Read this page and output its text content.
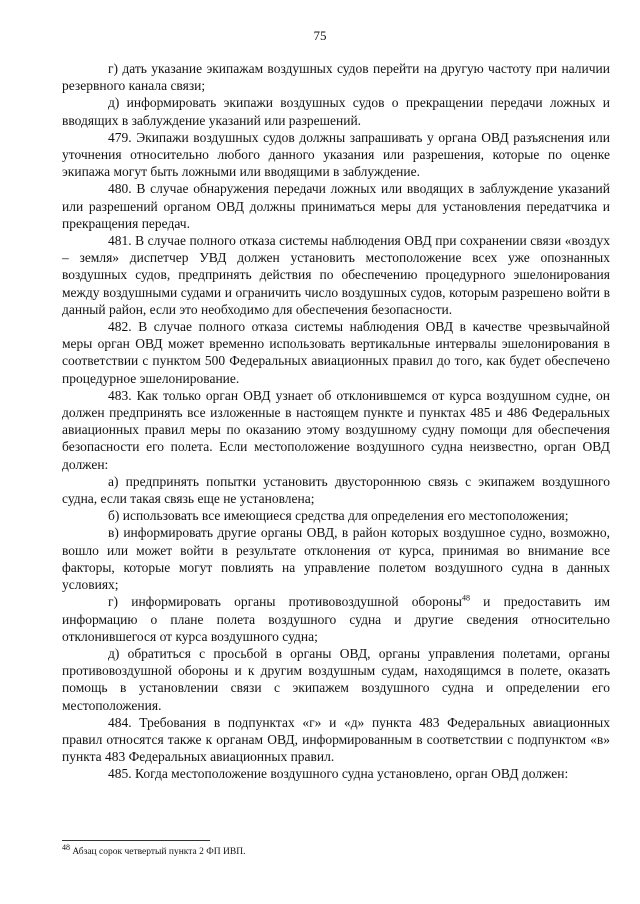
75

г) дать указание экипажам воздушных судов перейти на другую частоту при наличии резервного канала связи;

д) информировать экипажи воздушных судов о прекращении передачи ложных и вводящих в заблуждение указаний или разрешений.

479. Экипажи воздушных судов должны запрашивать у органа ОВД разъяснения или уточнения относительно любого данного указания или разрешения, которые по оценке экипажа могут быть ложными или вводящими в заблуждение.

480. В случае обнаружения передачи ложных или вводящих в заблуждение указаний или разрешений органом ОВД должны приниматься меры для установления передатчика и прекращения передач.

481. В случае полного отказа системы наблюдения ОВД при сохранении связи «воздух – земля» диспетчер УВД должен установить местоположение всех уже опознанных воздушных судов, предпринять действия по обеспечению процедурного эшелонирования между воздушными судами и ограничить число воздушных судов, которым разрешено войти в данный район, если это необходимо для обеспечения безопасности.

482. В случае полного отказа системы наблюдения ОВД в качестве чрезвычайной меры орган ОВД может временно использовать вертикальные интервалы эшелонирования в соответствии с пунктом 500 Федеральных авиационных правил до того, как будет обеспечено процедурное эшелонирование.

483. Как только орган ОВД узнает об отклонившемся от курса воздушном судне, он должен предпринять все изложенные в настоящем пункте и пунктах 485 и 486 Федеральных авиационных правил меры по оказанию этому воздушному судну помощи для обеспечения безопасности его полета. Если местоположение воздушного судна неизвестно, орган ОВД должен:

а) предпринять попытки установить двустороннюю связь с экипажем воздушного судна, если такая связь еще не установлена;

б) использовать все имеющиеся средства для определения его местоположения;

в) информировать другие органы ОВД, в район которых воздушное судно, возможно, вошло или может войти в результате отклонения от курса, принимая во внимание все факторы, которые могут повлиять на управление полетом воздушного судна в данных условиях;

г) информировать органы противовоздушной обороны$^{48}$ и предоставить им информацию о плане полета воздушного судна и другие сведения относительно отклонившегося от курса воздушного судна;

д) обратиться с просьбой в органы ОВД, органы управления полетами, органы противовоздушной обороны и к другим воздушным судам, находящимся в полете, оказать помощь в установлении связи с экипажем воздушного судна и определении его местоположения.

484. Требования в подпунктах «г» и «д» пункта 483 Федеральных авиационных правил относятся также к органам ОВД, информированным в соответствии с подпунктом «в» пункта 483 Федеральных авиационных правил.

485. Когда местоположение воздушного судна установлено, орган ОВД должен:

$^{48}$ Абзац сорок четвертый пункта 2 ФП ИВП.
